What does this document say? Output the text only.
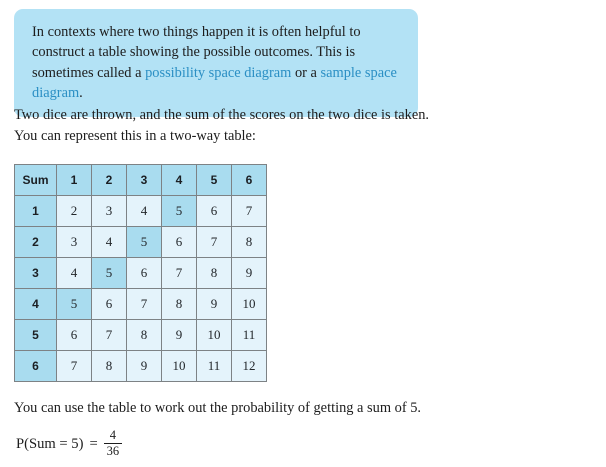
In contexts where two things happen it is often helpful to construct a table showing the possible outcomes. This is sometimes called a possibility space diagram or a sample space diagram.

Two dice are thrown, and the sum of the scores on the two dice is taken. You can represent this in a two-way table:

Sum	1	2	3	4	5	6
1	2	3	4	5	6	7
2	3	4	5	6	7	8
3	4	5	6	7	8	9
4	5	6	7	8	9	10
5	6	7	8	9	10	11
6	7	8	9	10	11	12

You can use the table to work out the probability of getting a sum of 5.

$P(Sum = 5) = \frac{4}{36}$
